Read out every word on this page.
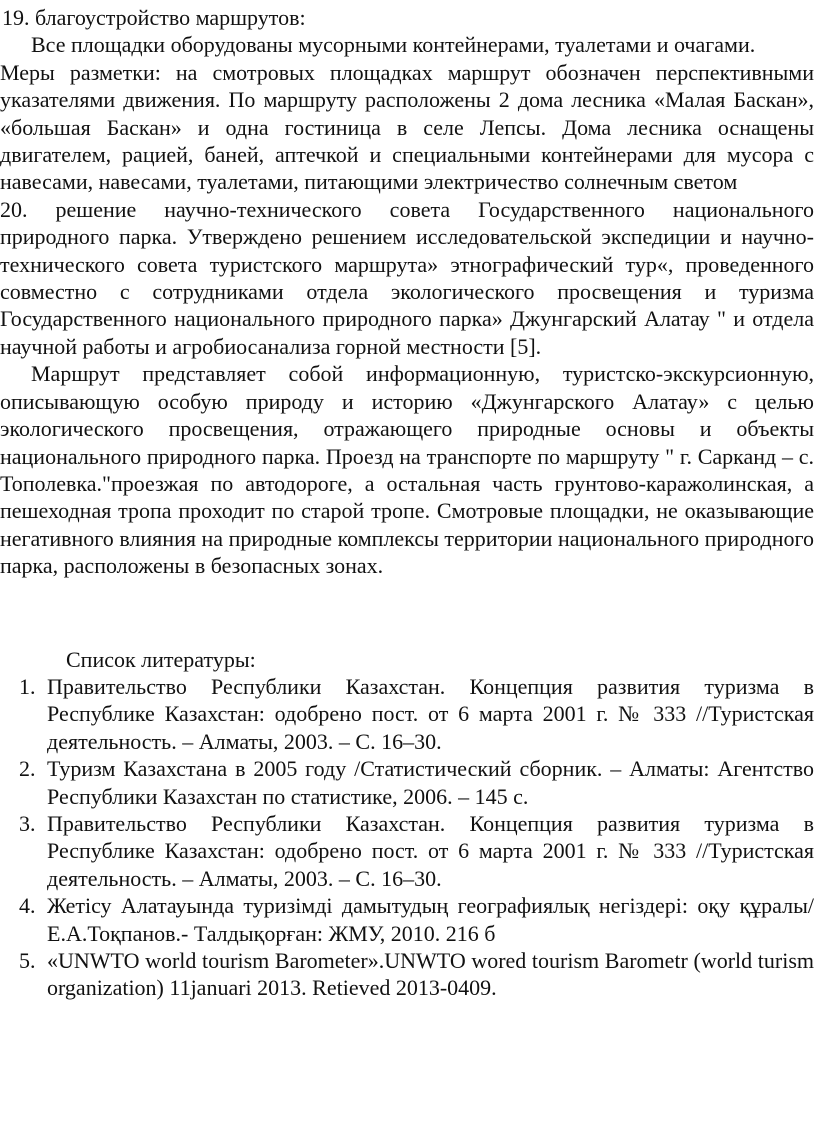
19. благоустройство маршрутов:

Все площадки оборудованы мусорными контейнерами, туалетами и очагами.

Меры разметки: на смотровых площадках маршрут обозначен перспективными указателями движения. По маршруту расположены 2 дома лесника «Малая Баскан», «большая Баскан» и одна гостиница в селе Лепсы. Дома лесника оснащены двигателем, рацией, баней, аптечкой и специальными контейнерами для мусора с навесами, навесами, туалетами, питающими электричество солнечным светом

20. решение научно-технического совета Государственного национального природного парка. Утверждено решением исследовательской экспедиции и научно-технического совета туристского маршрута» этнографический тур«, проведенного совместно с сотрудниками отдела экологического просвещения и туризма Государственного национального природного парка» Джунгарский Алатау " и отдела научной работы и агробиосанализа горной местности [5].

Маршрут представляет собой информационную, туристско-экскурсионную, описывающую особую природу и историю «Джунгарского Алатау» с целью экологического просвещения, отражающего природные основы и объекты национального природного парка. Проезд на транспорте по маршруту " г. Сарканд – с. Тополевка."проезжая по автодороге, а остальная часть грунтово-каражолинская, а пешеходная тропа проходит по старой тропе. Смотровые площадки, не оказывающие негативного влияния на природные комплексы территории национального природного парка, расположены в безопасных зонах.

Список литературы:

1. Правительство Республики Казахстан. Концепция развития туризма в Республике Казахстан: одобрено пост. от 6 марта 2001 г. № 333 //Туристская деятельность. – Алматы, 2003. – С. 16–30.
2. Туризм Казахстана в 2005 году /Статистический сборник. – Алматы: Агентство Республики Казахстан по статистике, 2006. – 145 с.
3. Правительство Республики Казахстан. Концепция развития туризма в Республике Казахстан: одобрено пост. от 6 марта 2001 г. № 333 //Туристская деятельность. – Алматы, 2003. – С. 16–30.
4. Жетісу Алатауында туризімді дамытудың географиялық негіздері: оқу құралы/ Е.А.Тоқпанов.- Талдықорған: ЖМУ, 2010. 216 б
5. «UNWTO world tourism Barometer».UNWTO wored tourism Barometr (world turism organization) 11januari 2013. Retieved 2013-0409.
